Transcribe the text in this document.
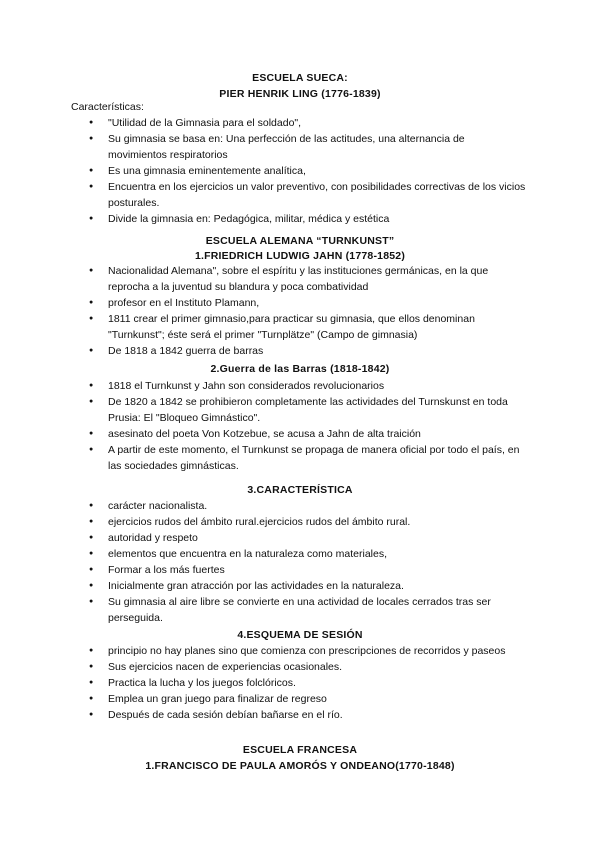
ESCUELA SUECA:
PIER HENRIK LING (1776-1839)
Características:
● "Utilidad de la Gimnasia para el soldado",
● Su gimnasia se basa en: Una perfección de las actitudes, una alternancia de movimientos respiratorios
● Es una gimnasia eminentemente analítica,
● Encuentra en los ejercicios un valor preventivo, con posibilidades correctivas de los vicios posturales.
● Divide la gimnasia en: Pedagógica, militar, médica y estética
ESCUELA ALEMANA “TURNKUNST”
1.FRIEDRICH LUDWIG JAHN (1778-1852)
● Nacionalidad Alemana", sobre el espíritu y las instituciones germánicas, en la que reprocha a la juventud su blandura y poca combatividad
● profesor en el Instituto Plamann,
● 1811 crear el primer gimnasio,para practicar su gimnasia, que ellos denominan "Turnkunst"; éste será el primer "Turnplätze" (Campo de gimnasia)
● De 1818 a 1842 guerra de barras
2.Guerra de las Barras (1818-1842)
● 1818 el Turnkunst y Jahn son considerados revolucionarios
● De 1820 a 1842 se prohibieron completamente las actividades del Turnskunst en toda Prusia: El "Bloqueo Gimnástico".
● asesinato del poeta Von Kotzebue, se acusa a Jahn de alta traición
● A partir de este momento, el Turnkunst se propaga de manera oficial por todo el país, en las sociedades gimnásticas.
3.CARACTERÍSTICA
● carácter nacionalista.
● ejercicios rudos del ámbito rural.ejercicios rudos del ámbito rural.
● autoridad y respeto
● elementos que encuentra en la naturaleza como materiales,
● Formar a los más fuertes
● Inicialmente gran atracción por las actividades en la naturaleza.
● Su gimnasia al aire libre se convierte en una actividad de locales cerrados tras ser perseguida.
4.ESQUEMA DE SESIÓN
● principio no hay planes sino que comienza con prescripciones de recorridos y paseos
● Sus ejercicios nacen de experiencias ocasionales.
● Practica la lucha y los juegos folclóricos.
● Emplea un gran juego para finalizar de regreso
● Después de cada sesión debían bañarse en el río.
ESCUELA FRANCESA
1.FRANCISCO DE PAULA AMORÓS Y ONDEANO(1770-1848)
